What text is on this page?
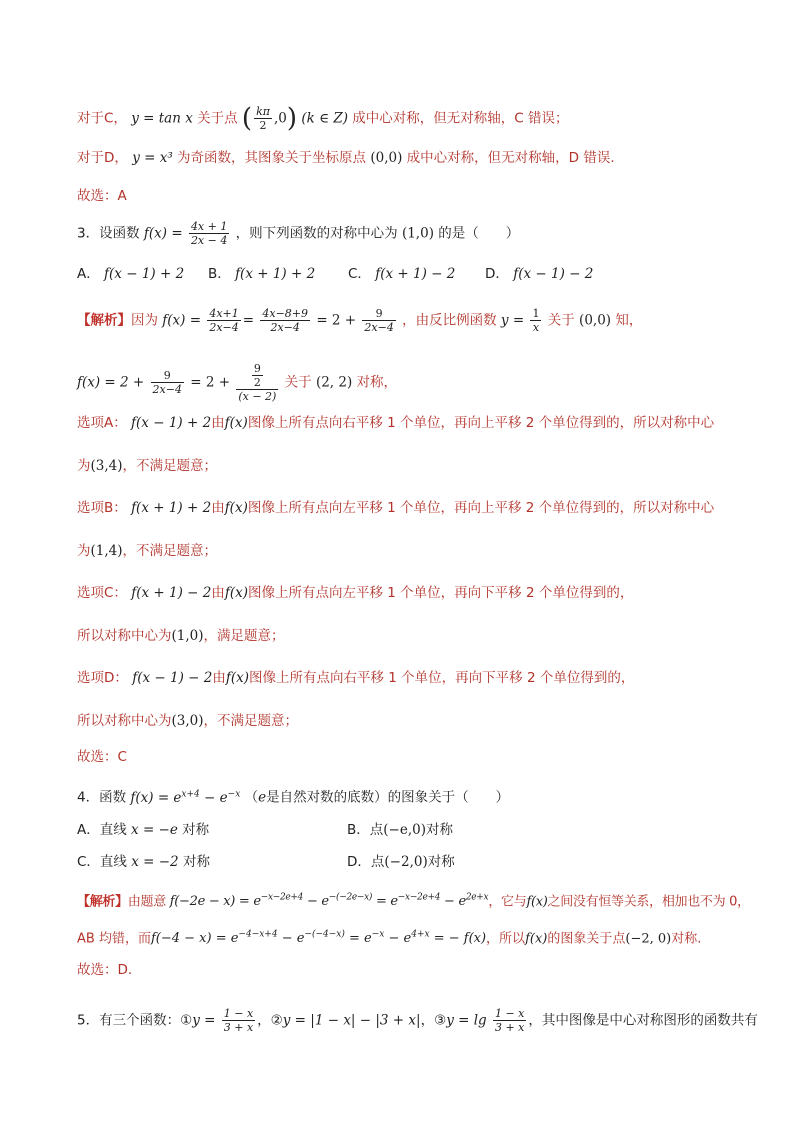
对于C， y = tan x 关于点 ( $\frac{k\pi}{2} ,0$) (k ∈ Z) 成中心对称，但无对称轴，C 错误；
对于D， y = x³ 为奇函数，其图象关于坐标原点 (0,0) 成中心对称，但无对称轴，D 错误.
故选：A
3．设函数 $f(x) = \frac{4x + 1}{2x - 4}$ ，则下列函数的对称中心为 (1,0) 的是（　　）
A． f(x − 1) + 2 B． f(x + 1) + 2 C． f(x + 1) − 2 D． f(x − 1) − 2
【解析】因为 $f(x) = \frac{4x+1}{2x-4} = \frac{4x-8+9}{2x-4} = 2 + \frac{9}{2x-4}$ ，由反比例函数 $y = \frac{1}{x}$ 关于 (0,0) 知，
$f(x) = 2 + \frac{9}{2x-4} = 2 + \frac{\frac{9}{2}}{(x - 2)}$ 关于 (2, 2) 对称，
选项A： f(x − 1) + 2由f(x)图像上所有点向右平移 1 个单位，再向上平移 2 个单位得到的，所以对称中心
为(3,4)，不满足题意；
选项B： f(x + 1) + 2由f(x)图像上所有点向左平移 1 个单位，再向上平移 2 个单位得到的，所以对称中心
为(1,4)，不满足题意；
选项C： f(x + 1) − 2由f(x)图像上所有点向左平移 1 个单位，再向下平移 2 个单位得到的，
所以对称中心为(1,0)，满足题意；
选项D： f(x − 1) − 2由f(x)图像上所有点向右平移 1 个单位，再向下平移 2 个单位得到的，
所以对称中心为(3,0)，不满足题意；
故选：C
4．函数 $f(x) = e^{x+4} - e^{-x}$ （e是自然对数的底数）的图象关于（　　）
A．直线 x = −e 对称	B．点(−e,0)对称
C．直线 x = −2 对称	D．点(−2,0)对称
【解析】由题意 $f(-2e - x) = e^{-x-2e+4} - e^{-(-2e-x)} = e^{-x-2e+4} - e^{2e+x}$，它与f(x)之间没有恒等关系，相加也不为 0，
AB 均错，而$f(-4 - x) = e^{-4-x+4} - e^{-(-4-x)} = e^{-x} - e^{4+x}$ = − f(x)，所以f(x)的图象关于点(−2, 0)对称.
故选：D.
5．有三个函数：①y = $\frac{1 - x}{3 + x}$ ，②y = |1 − x| − |3 + x|，③y = $\lg \frac{1 - x}{3 + x}$ ，其中图像是中心对称图形的函数共有
